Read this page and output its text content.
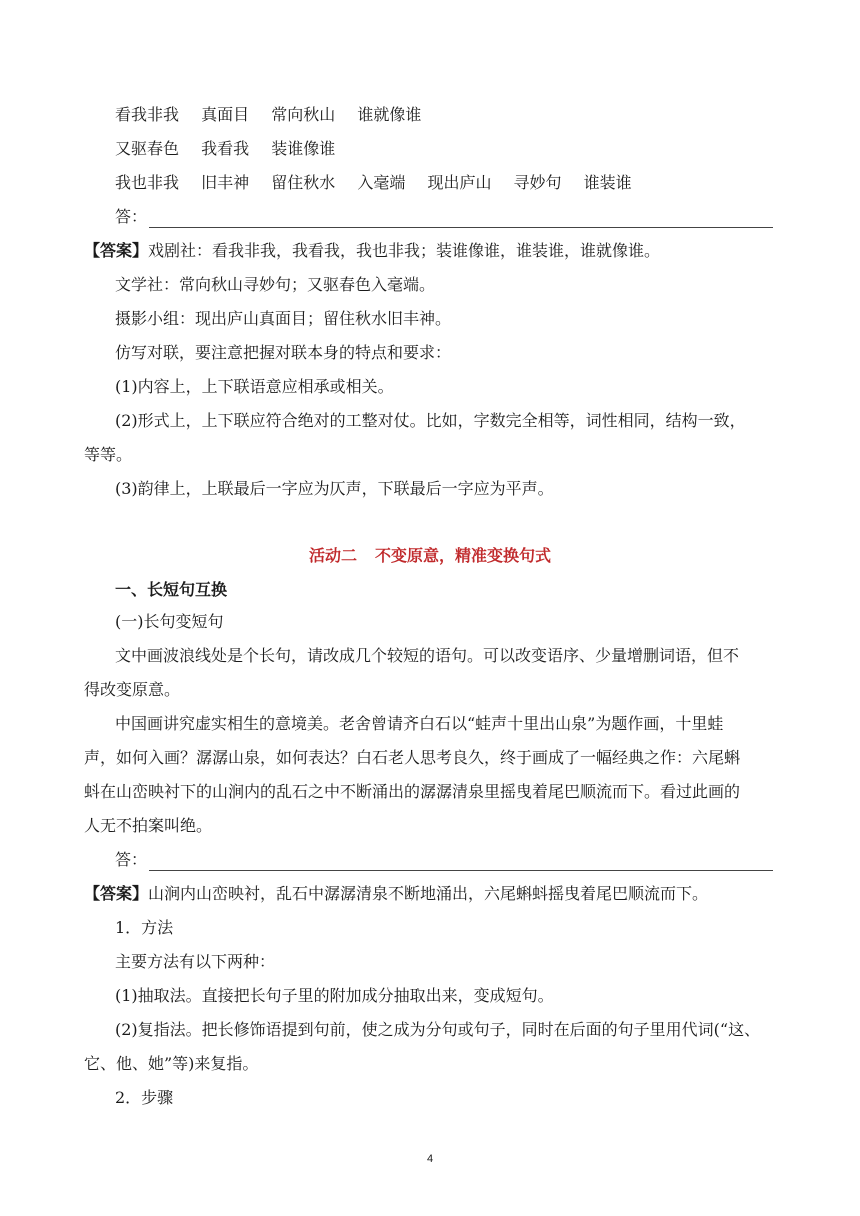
看我非我 真面目 常向秋山 谁就像谁
又驱春色 我看我 装谁像谁
我也非我 旧丰神 留住秋水 入毫端 现出庐山 寻妙句 谁装谁
答：
【答案】戏剧社：看我非我，我看我，我也非我；装谁像谁，谁装谁，谁就像谁。
文学社：常向秋山寻妙句；又驱春色入毫端。
摄影小组：现出庐山真面目；留住秋水旧丰神。
仿写对联，要注意把握对联本身的特点和要求：
(1)内容上，上下联语意应相承或相关。
(2)形式上，上下联应符合绝对的工整对仗。比如，字数完全相等，词性相同，结构一致，
等等。
(3)韵律上，上联最后一字应为仄声，下联最后一字应为平声。
活动二 不变原意，精准变换句式
一、长短句互换
(一)长句变短句
文中画波浪线处是个长句，请改成几个较短的语句。可以改变语序、少量增删词语，但不
得改变原意。
中国画讲究虚实相生的意境美。老舍曾请齐白石以“蛙声十里出山泉”为题作画，十里蛙
声，如何入画？潺潺山泉，如何表达？白石老人思考良久，终于画成了一幅经典之作：六尾蝌
蚪在山峦映衬下的山涧内的乱石之中不断涌出的潺潺清泉里摇曳着尾巴顺流而下。看过此画的
人无不拍案叫绝。
答：
【答案】山涧内山峦映衬，乱石中潺潺清泉不断地涌出，六尾蝌蚪摇曳着尾巴顺流而下。
1．方法
主要方法有以下两种：
(1)抽取法。直接把长句子里的附加成分抽取出来，变成短句。
(2)复指法。把长修饰语提到句前，使之成为分句或句子，同时在后面的句子里用代词(“这、
它、他、她”等)来复指。
2．步骤
4
